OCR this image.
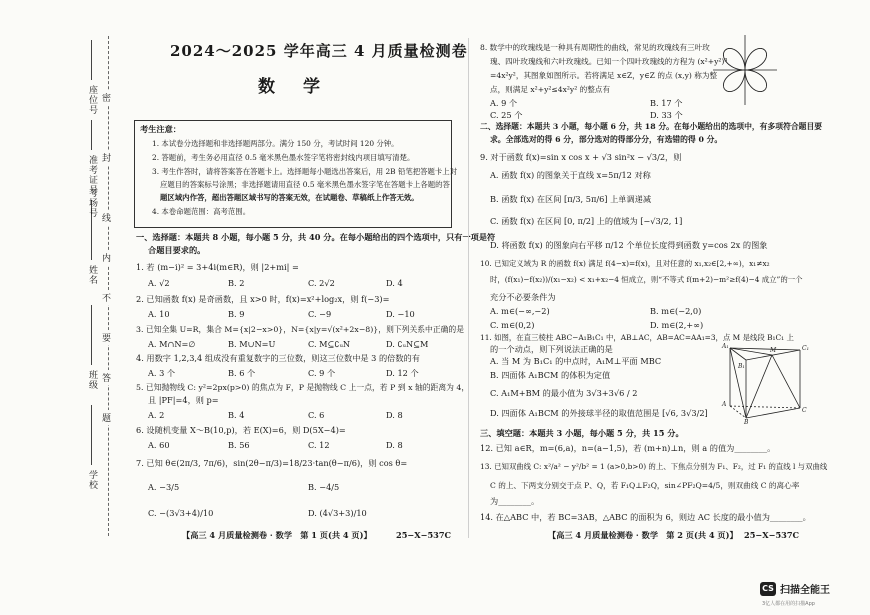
学校
班级
姓名
准考证号
考场号
座位号 密
封
线
内
不
要
答
题
2024～2025 学年高三 4 月质量检测卷
数学
考生注意：
1. 本试卷分选择题和非选择题两部分。满分 150 分，考试时间 120 分钟。
2. 答题前，考生务必用直径 0.5 毫米黑色墨水签字笔将密封线内项目填写清楚。
3. 考生作答时，请将答案答在答题卡上。选择题每小题选出答案后，用 2B 铅笔把答题卡上对
应题目的答案标号涂黑；非选择题请用直径 0.5 毫米黑色墨水签字笔在答题卡上各题的答
题区域内作答，超出答题区域书写的答案无效，在试题卷、草稿纸上作答无效。
4. 本卷命题范围：高考范围。
一、选择题：本题共 8 小题，每小题 5 分，共 40 分。在每小题给出的四个选项中，只有一项是符
合题目要求的。
1. 若 (m−i)² = 3+4i(m∈R)，则 |2+mi| =
A. √2	B. 2	C. 2√2	D. 4
2. 已知函数 f(x) 是奇函数，且 x>0 时，f(x)=x²+log₂x，则 f(−3)=
A. 10	B. 9	C. −9	D. −10
3. 已知全集 U=R，集合 M={x|2−x>0}，N={x|y=√(x²+2x−8)}，则下列关系中正确的是
A. M∩N=∅	B. M∪N=U	C. M⊆∁ᵤN	D. ∁ᵤN⊆M
4. 用数字 1,2,3,4 组成没有重复数字的三位数，则这三位数中是 3 的倍数的有
A. 3 个	B. 6 个	C. 9 个	D. 12 个
5. 已知抛物线 C: y²=2px(p>0) 的焦点为 F，P 是抛物线 C 上一点，若 P 到 x 轴的距离为 4，
且 |PF|=4，则 p=
A. 2	B. 4	C. 6	D. 8
6. 设随机变量 X～B(10,p)，若 E(X)=6，则 D(5X−4)=
A. 60	B. 56	C. 12	D. 8
7. 已知 θ∈(2π/3, 7π/6)，sin(2θ−π/3)=18/23·tan(θ−π/6)，则 cos θ=
A. −3/5	B. −4/5
C. −(3√3+4)/10	D. (4√3+3)/10
【高三 4 月质量检测卷 · 数学　第 1 页(共 4 页)】	25−X−537C
8. 数学中的玫瑰线是一种具有周期性的曲线，常见的玫瑰线有三叶玫
瑰、四叶玫瑰线和六叶玫瑰线。已知一个四叶玫瑰线的方程为 (x²+y²)³
=4x²y²，其图象如图所示。若将满足 x∈Z，y∈Z 的点 (x,y) 称为整
点，则满足 x²+y²≤4x²y² 的整点有
A. 9 个	B. 17 个
C. 25 个	D. 33 个
二、选择题：本题共 3 小题，每小题 6 分，共 18 分。在每小题给出的选项中，有多项符合题目要
求。全部选对的得 6 分，部分选对的得部分分，有选错的得 0 分。
9. 对于函数 f(x)=sin x cos x + √3 sin²x − √3/2，则
A. 函数 f(x) 的图象关于直线 x=5π/12 对称
B. 函数 f(x) 在区间 [π/3, 5π/6] 上单调递减
C. 函数 f(x) 在区间 [0, π/2] 上的值域为 [−√3/2, 1]
D. 将函数 f(x) 的图象向右平移 π/12 个单位长度得到函数 y=cos 2x 的图象
10. 已知定义域为 R 的函数 f(x) 满足 f(4−x)=f(x)，且对任意的 x₁,x₂∈[2,+∞)，x₁≠x₂
时，(f(x₁)−f(x₂))/(x₁−x₂) < x₁+x₂−4 恒成立，则“不等式 f(m+2)−m²≥f(4)−4 成立”的一个
充分不必要条件为
A. m∈(−∞,−2)	B. m∈(−2,0)
C. m∈(0,2)	D. m∈(2,+∞)
11. 如图，在直三棱柱 ABC−A₁B₁C₁ 中，AB⊥AC，AB=AC=AA₁=3，点 M 是线段 B₁C₁ 上
的一个动点，则下列说法正确的是
A. 当 M 为 B₁C₁ 的中点时，A₁M⊥平面 MBC
B. 四面体 A₁BCM 的体积为定值
C. A₁M+BM 的最小值为 3√3+3√6 / 2
D. 四面体 A₁BCM 的外接球半径的取值范围是 [√6, 3√3/2]
A₁
B₁
C₁
M
A
B
C
三、填空题：本题共 3 小题，每小题 5 分，共 15 分。
12. 已知 a∈R，m=(6,a)，n=(a−1,5)，若 (m+n)⊥n，则 a 的值为________。
13. 已知双曲线 C: x²/a² − y²/b² = 1 (a>0,b>0) 的上、下焦点分别为 F₁、F₂，过 F₁ 的直线 l 与双曲线
C 的上、下两支分别交于点 P、Q，若 F₁Q⊥F₂Q，sin∠PF₂Q=4/5，则双曲线 C 的离心率
为________。
14. 在△ABC 中，若 BC=3AB，△ABC 的面积为 6，则边 AC 长度的最小值为________。
【高三 4 月质量检测卷 · 数学　第 2 页(共 4 页)】 25−X−537C
CS 扫描全能王
3亿人都在用的扫描App
